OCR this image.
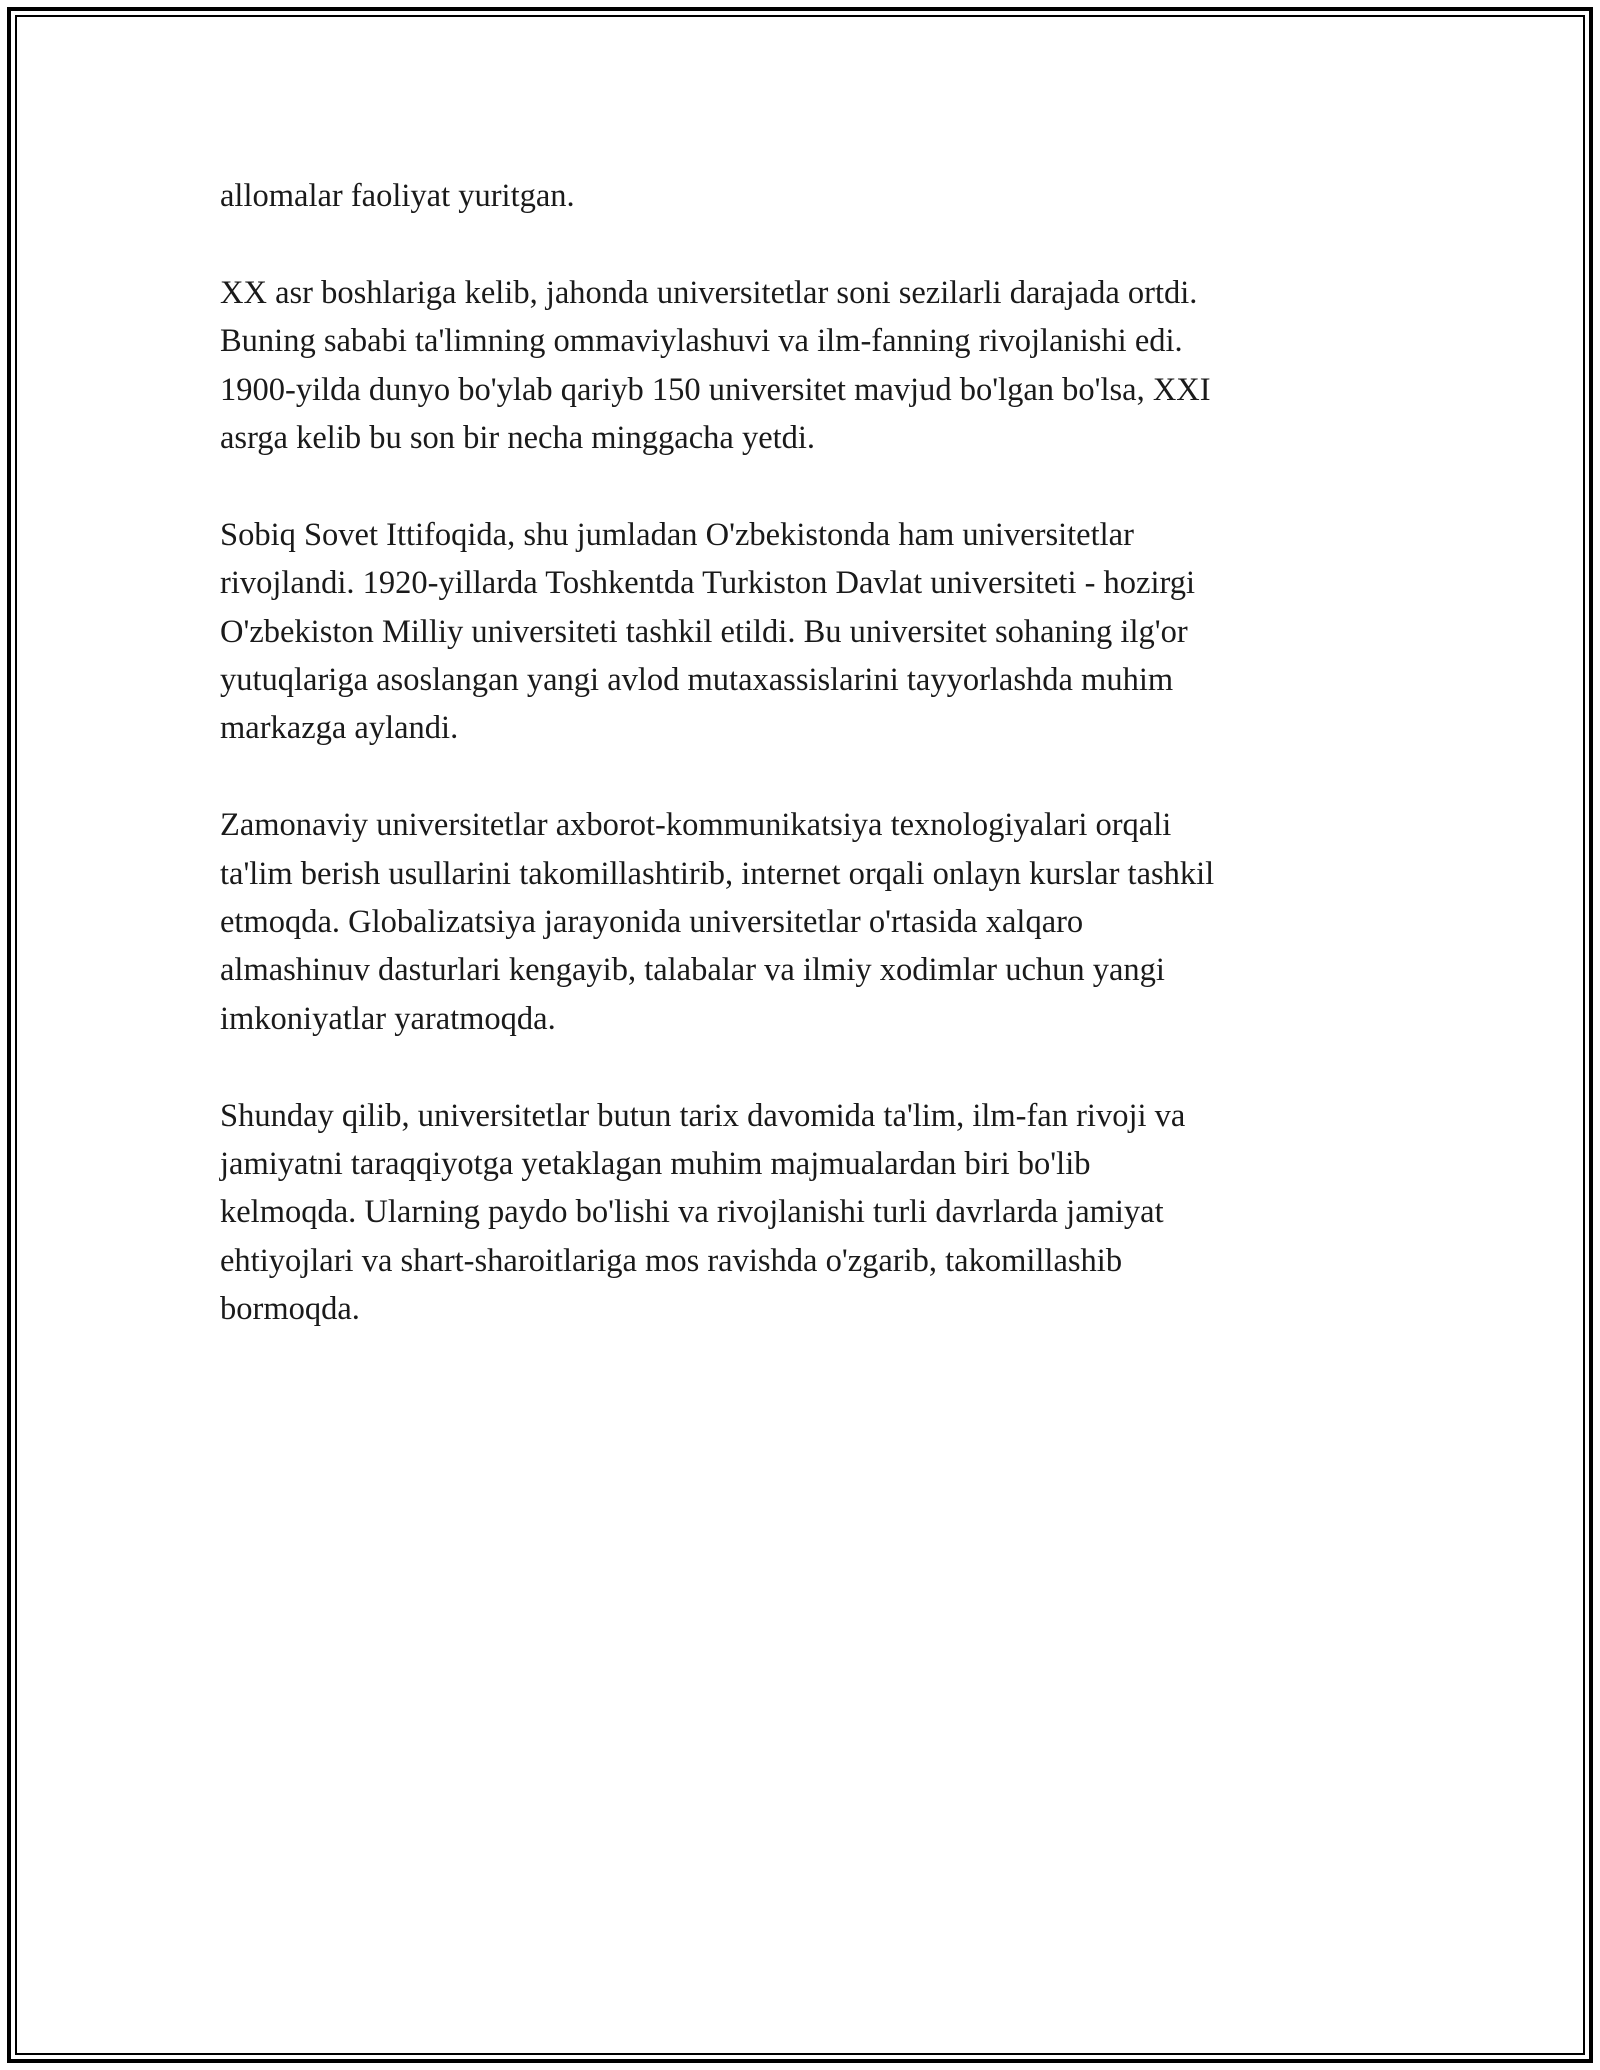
allomalar faoliyat yuritgan.

XX asr boshlariga kelib, jahonda universitetlar soni sezilarli darajada ortdi.
Buning sababi ta'limning ommaviylashuvi va ilm-fanning rivojlanishi edi.
1900-yilda dunyo bo'ylab qariyb 150 universitet mavjud bo'lgan bo'lsa, XXI
asrga kelib bu son bir necha minggacha yetdi.

Sobiq Sovet Ittifoqida, shu jumladan O'zbekistonda ham universitetlar
rivojlandi. 1920-yillarda Toshkentda Turkiston Davlat universiteti - hozirgi
O'zbekiston Milliy universiteti tashkil etildi. Bu universitet sohaning ilg'or
yutuqlariga asoslangan yangi avlod mutaxassislarini tayyorlashda muhim
markazga aylandi.

Zamonaviy universitetlar axborot-kommunikatsiya texnologiyalari orqali
ta'lim berish usullarini takomillashtirib, internet orqali onlayn kurslar tashkil
etmoqda. Globalizatsiya jarayonida universitetlar o'rtasida xalqaro
almashinuv dasturlari kengayib, talabalar va ilmiy xodimlar uchun yangi
imkoniyatlar yaratmoqda.

Shunday qilib, universitetlar butun tarix davomida ta'lim, ilm-fan rivoji va
jamiyatni taraqqiyotga yetaklagan muhim majmualardan biri bo'lib
kelmoqda. Ularning paydo bo'lishi va rivojlanishi turli davrlarda jamiyat
ehtiyojlari va shart-sharoitlariga mos ravishda o'zgarib, takomillashib
bormoqda.
